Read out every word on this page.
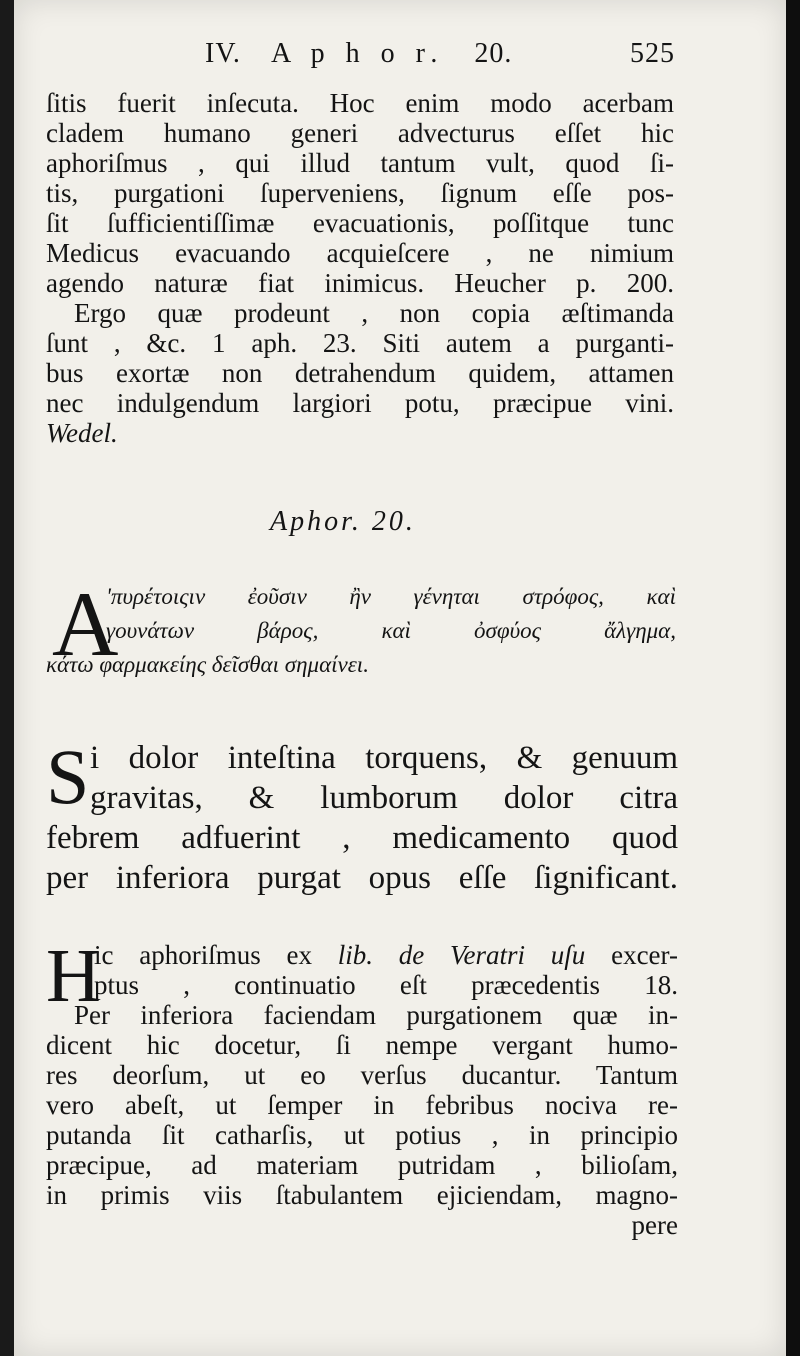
IV. A p h o r. 20.	525
ſitis fuerit inſecuta. Hoc enim modo acerbam
cladem humano generi advecturus eſſet hic
aphoriſmus , qui illud tantum vult, quod ſi-
tis, purgationi ſuperveniens, ſignum eſſe pos-
ſit ſufficientiſſimæ evacuationis, poſſitque tunc
Medicus evacuando acquieſcere , ne nimium
agendo naturæ fiat inimicus. Heucher p. 200.
Ergo quæ prodeunt , non copia æſtimanda
ſunt , &c. 1 aph. 23. Siti autem a purganti-
bus exortæ non detrahendum quidem, attamen
nec indulgendum largiori potu, præcipue vini.
Wedel.
Aphor. 20.
A
'πυρέτοιςιν ἐοῦσιν ἢν γένηται στρόφος, καὶ
γουνάτων βάρος, καὶ ὀσφύος ἄλγημα,
κάτω φαρμακείης δεῖσθαι σημαίνει.
S i dolor inteſtina torquens, & genuum
gravitas, & lumborum dolor citra
febrem adfuerint , medicamento quod
per inferiora purgat opus eſſe ſignificant.
H
ic aphoriſmus ex lib. de Veratri uſu excer-
ptus , continuatio eſt præcedentis 18.
Per inferiora faciendam purgationem quæ in-
dicent hic docetur, ſi nempe vergant humo-
res deorſum, ut eo verſus ducantur. Tantum
vero abeſt, ut ſemper in febribus nociva re-
putanda ſit catharſis, ut potius , in principio
præcipue, ad materiam putridam , bilioſam,
in primis viis ſtabulantem ejiciendam, magno-
pere
